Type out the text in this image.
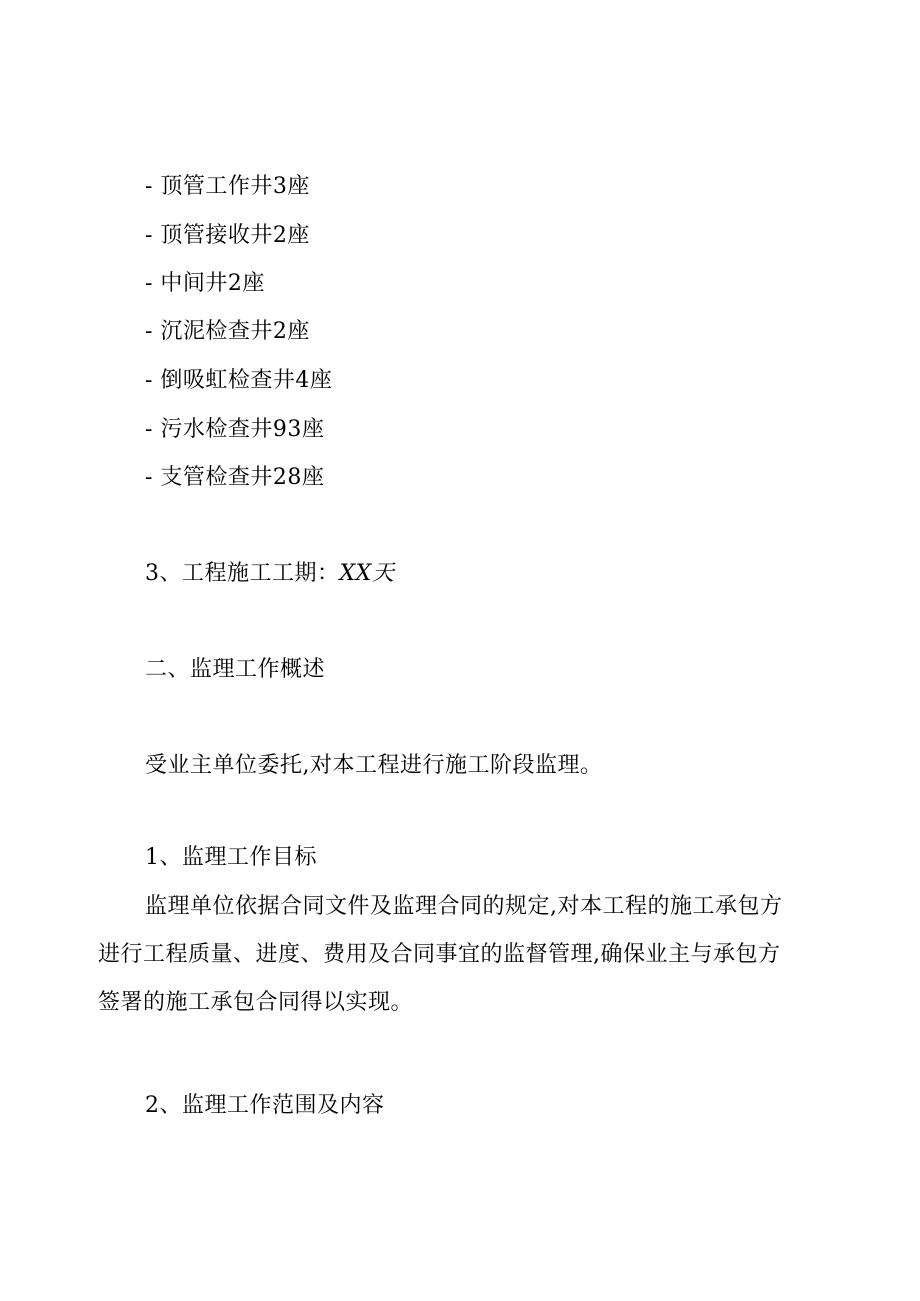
- 顶管工作井3座
- 顶管接收井2座
- 中间井2座
- 沉泥检查井2座
- 倒吸虹检查井4座
- 污水检查井93座
- 支管检查井28座
3、工程施工工期：XX天
二、监理工作概述
受业主单位委托,对本工程进行施工阶段监理。
1、监理工作目标
监理单位依据合同文件及监理合同的规定,对本工程的施工承包方
进行工程质量、进度、费用及合同事宜的监督管理,确保业主与承包方
签署的施工承包合同得以实现。
2、监理工作范围及内容
